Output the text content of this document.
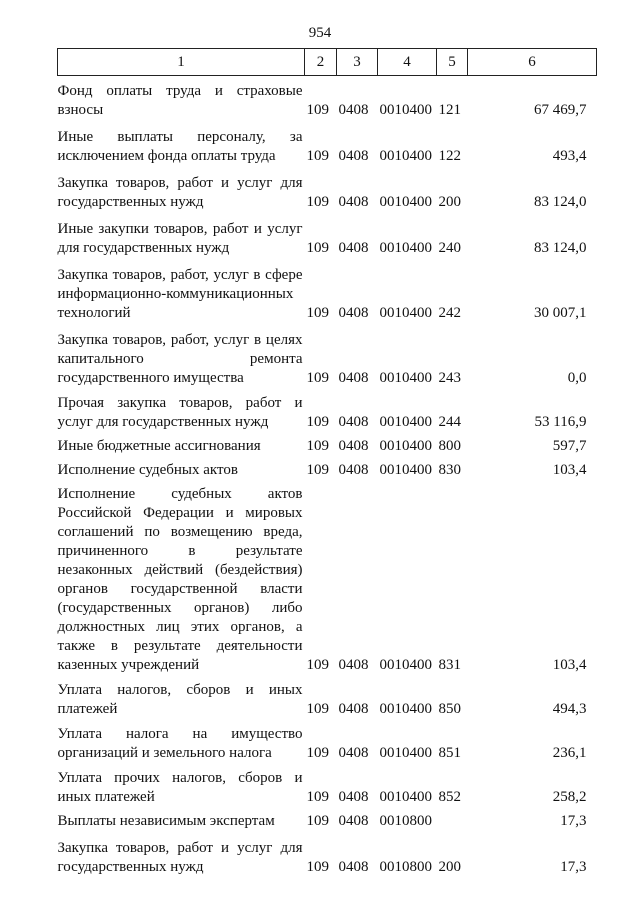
954
1	2	3	4	5	6
Фонд оплаты труда и страховые взносы	109	0408	0010400	121	67 469,7
Иные выплаты персоналу, за исключением фонда оплаты труда	109	0408	0010400	122	493,4
Закупка товаров, работ и услуг для государственных нужд	109	0408	0010400	200	83 124,0
Иные закупки товаров, работ и услуг для государственных нужд	109	0408	0010400	240	83 124,0
Закупка товаров, работ, услуг в сфере информационно-коммуникационных технологий	109	0408	0010400	242	30 007,1
Закупка товаров, работ, услуг в целях капитального ремонта государственного имущества	109	0408	0010400	243	0,0
Прочая закупка товаров, работ и услуг для государственных нужд	109	0408	0010400	244	53 116,9
Иные бюджетные ассигнования	109	0408	0010400	800	597,7
Исполнение судебных актов	109	0408	0010400	830	103,4
Исполнение судебных актов Российской Федерации и мировых соглашений по возмещению вреда, причиненного в результате незаконных действий (бездействия) органов государственной власти (государственных органов) либо должностных лиц этих органов, а также в результате деятельности казенных учреждений	109	0408	0010400	831	103,4
Уплата налогов, сборов и иных платежей	109	0408	0010400	850	494,3
Уплата налога на имущество организаций и земельного налога	109	0408	0010400	851	236,1
Уплата прочих налогов, сборов и иных платежей	109	0408	0010400	852	258,2
Выплаты независимым экспертам	109	0408	0010800		17,3
Закупка товаров, работ и услуг для государственных нужд	109	0408	0010800	200	17,3
